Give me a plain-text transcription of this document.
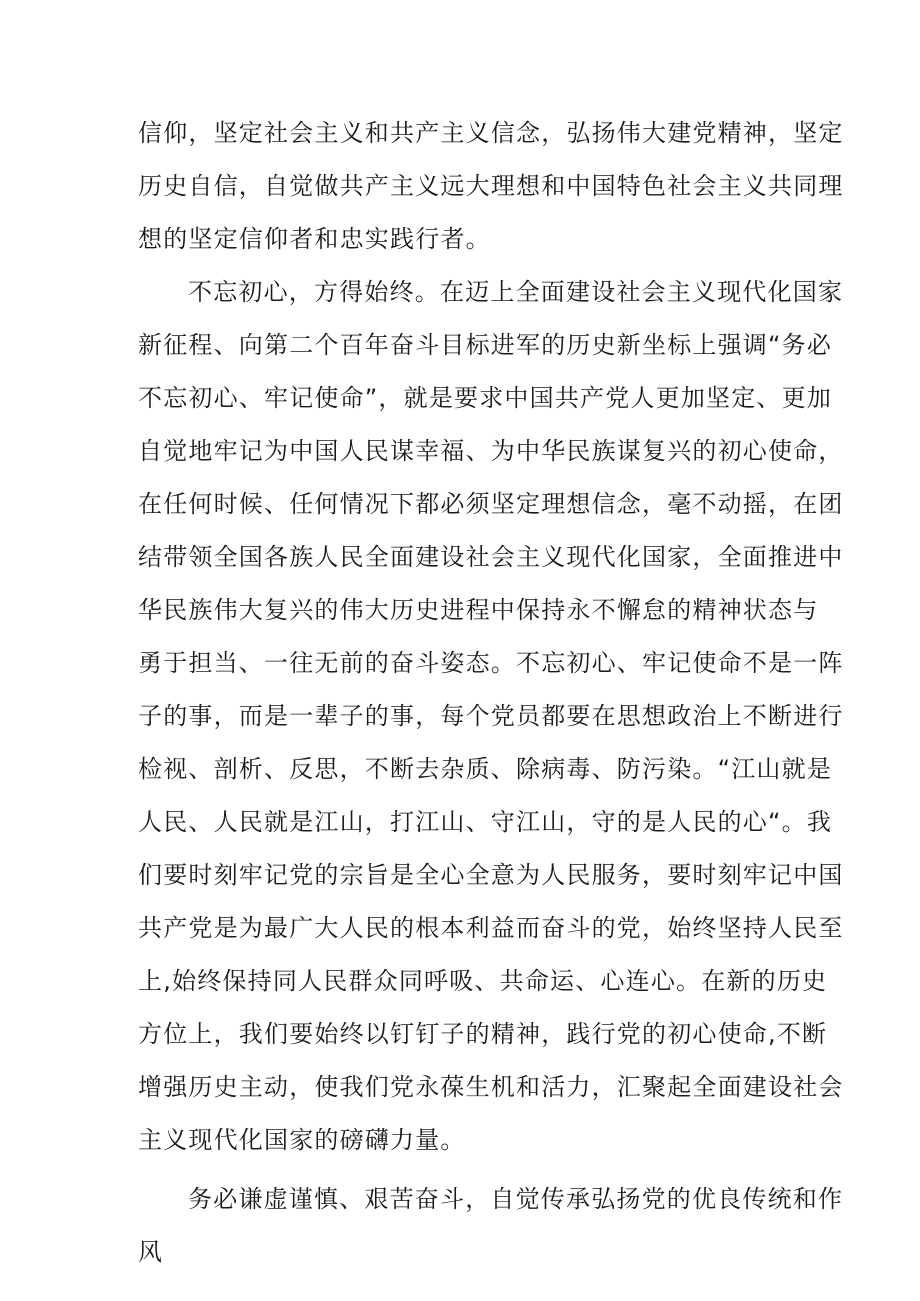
信仰，坚定社会主义和共产主义信念，弘扬伟大建党精神，坚定
历史自信，自觉做共产主义远大理想和中国特色社会主义共同理
想的坚定信仰者和忠实践行者。
不忘初心，方得始终。在迈上全面建设社会主义现代化国家
新征程、向第二个百年奋斗目标进军的历史新坐标上强调“务必
不忘初心、牢记使命”，就是要求中国共产党人更加坚定、更加
自觉地牢记为中国人民谋幸福、为中华民族谋复兴的初心使命，
在任何时候、任何情况下都必须坚定理想信念，毫不动摇，在团
结带领全国各族人民全面建设社会主义现代化国家，全面推进中
华民族伟大复兴的伟大历史进程中保持永不懈怠的精神状态与
勇于担当、一往无前的奋斗姿态。不忘初心、牢记使命不是一阵
子的事，而是一辈子的事，每个党员都要在思想政治上不断进行
检视、剖析、反思，不断去杂质、除病毒、防污染。“江山就是
人民、人民就是江山，打江山、守江山，守的是人民的心“。我
们要时刻牢记党的宗旨是全心全意为人民服务，要时刻牢记中国
共产党是为最广大人民的根本利益而奋斗的党，始终坚持人民至
上,始终保持同人民群众同呼吸、共命运、心连心。在新的历史
方位上，我们要始终以钉钉子的精神，践行党的初心使命,不断
增强历史主动，使我们党永葆生机和活力，汇聚起全面建设社会
主义现代化国家的磅礴力量。
务必谦虚谨慎、艰苦奋斗，自觉传承弘扬党的优良传统和作
风
